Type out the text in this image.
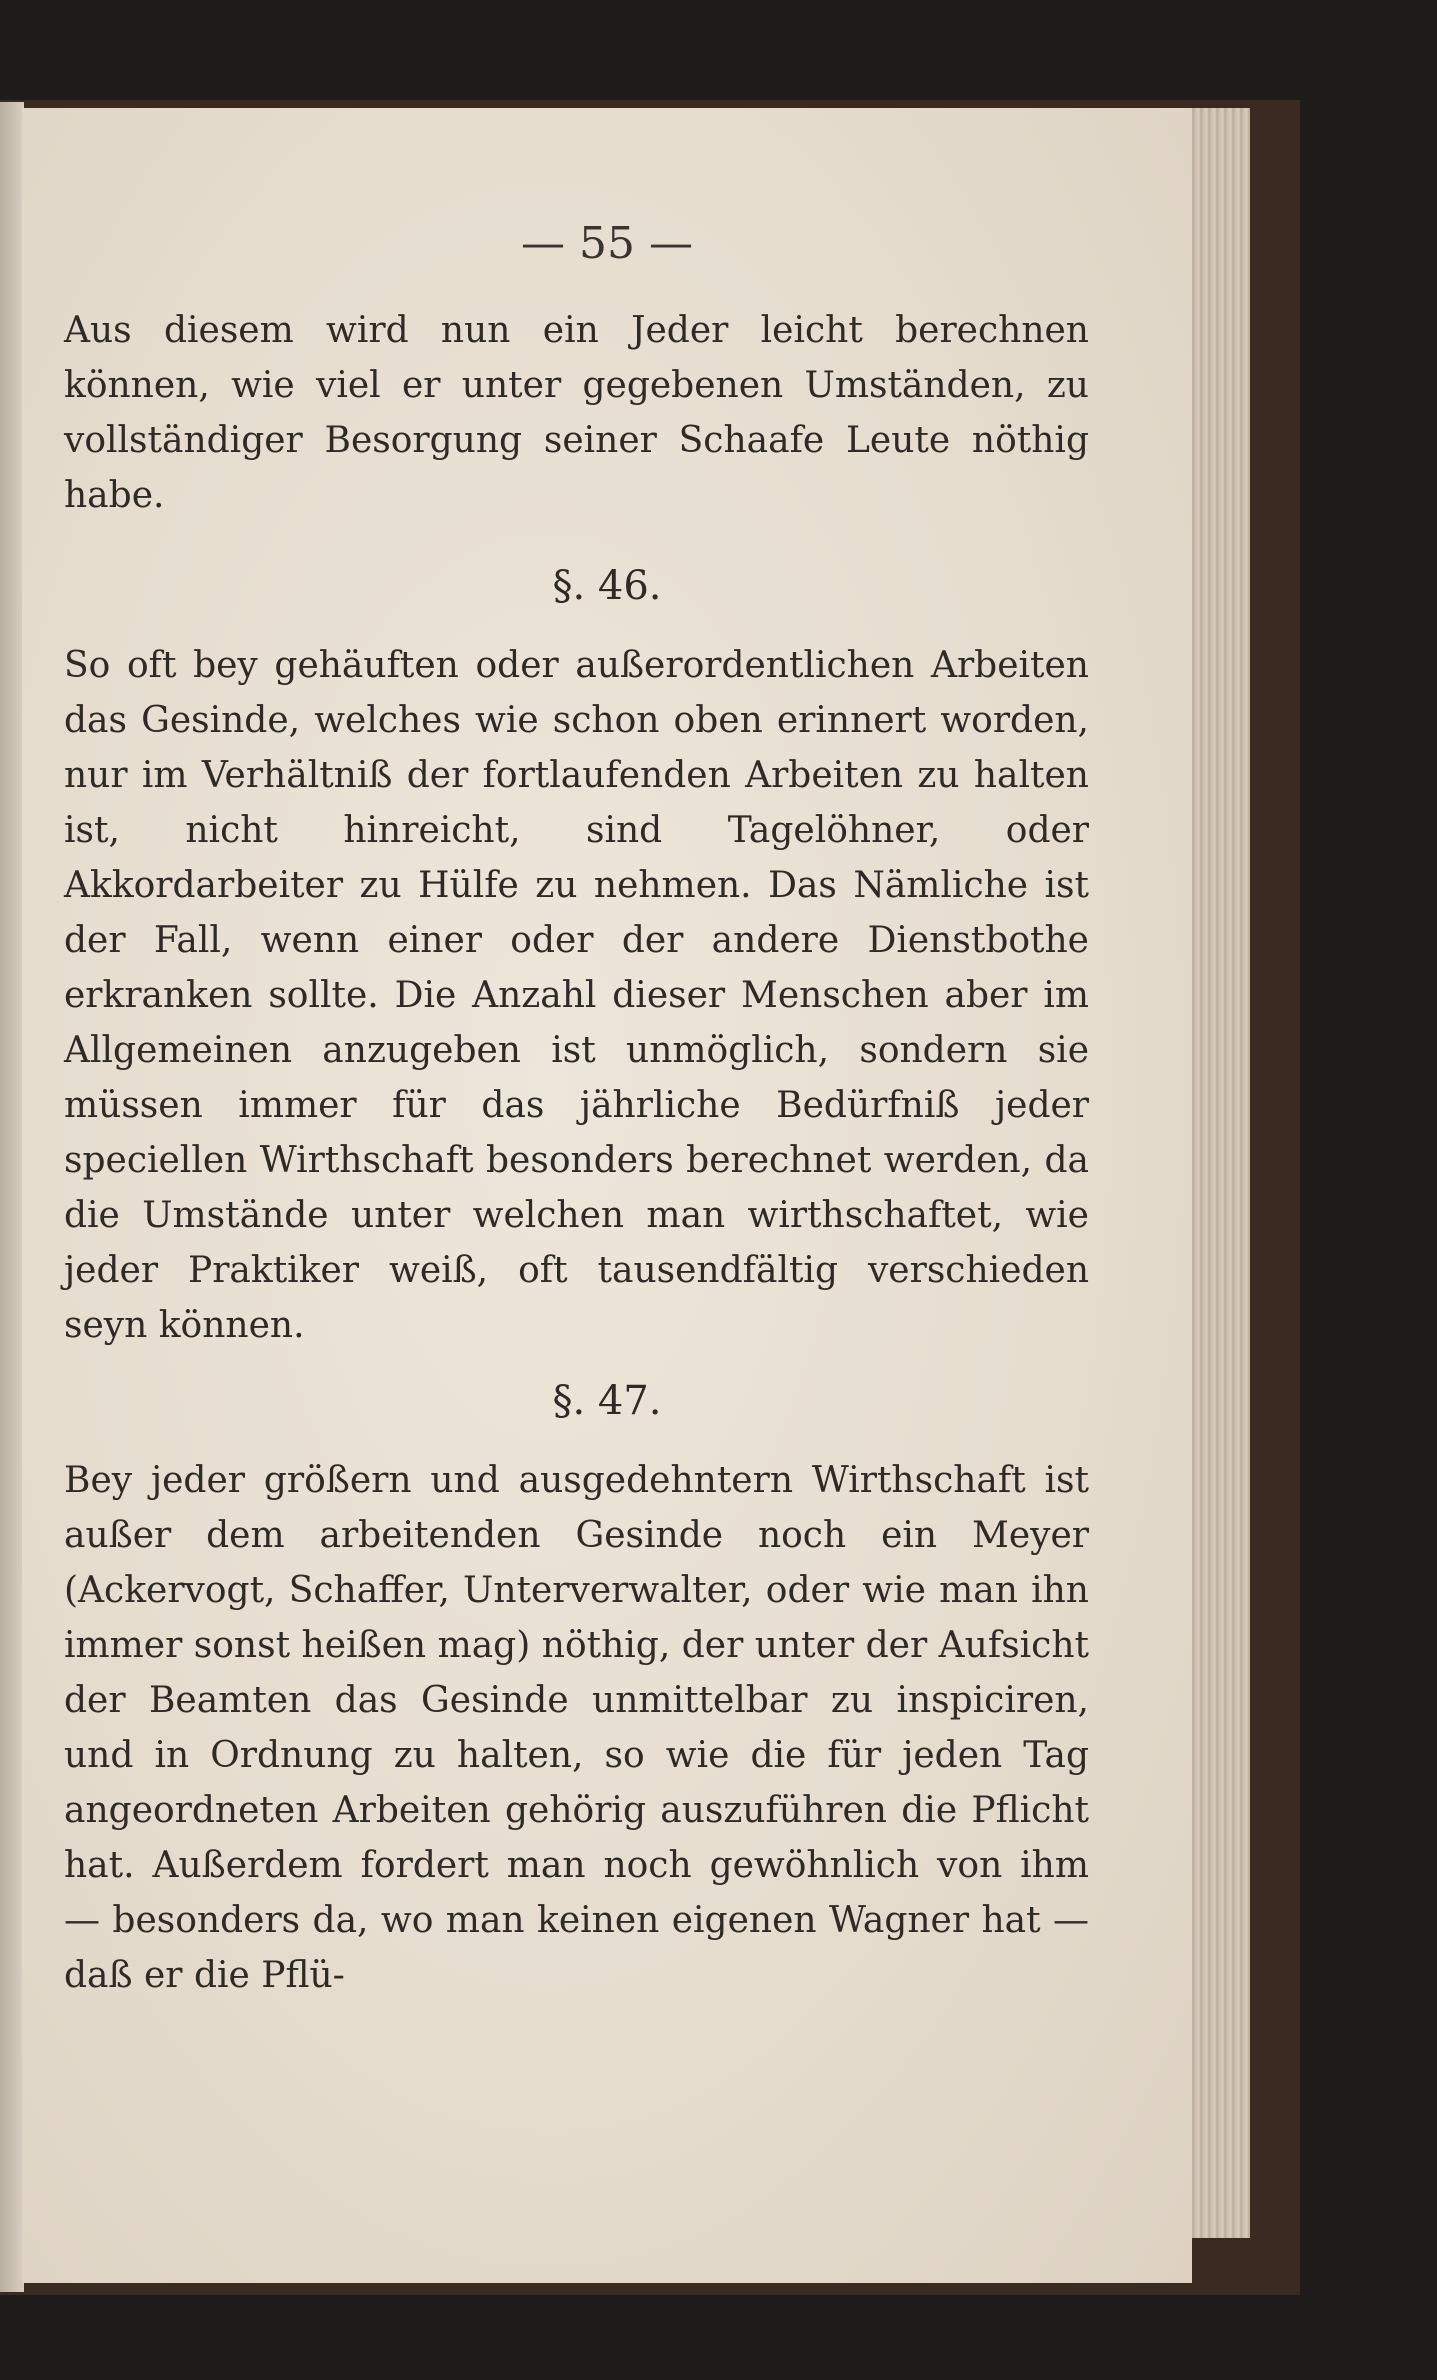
— 55 —
Aus diesem wird nun ein Jeder leicht berechnen können, wie viel er unter gegebenen Umständen, zu vollständiger Besorgung seiner Schaafe Leute nöthig habe.
§. 46.
So oft bey gehäuften oder außerordentlichen Arbeiten das Gesinde, welches wie schon oben erinnert worden, nur im Verhältniß der fortlaufenden Arbeiten zu halten ist, nicht hinreicht, sind Tagelöhner, oder Akkordarbeiter zu Hülfe zu nehmen. Das Nämliche ist der Fall, wenn einer oder der andere Dienstbothe erkranken sollte. Die Anzahl dieser Menschen aber im Allgemeinen anzugeben ist unmöglich, sondern sie müssen immer für das jährliche Bedürfniß jeder speciellen Wirthschaft besonders berechnet werden, da die Umstände unter welchen man wirthschaftet, wie jeder Praktiker weiß, oft tausendfältig verschieden seyn können.
§. 47.
Bey jeder größern und ausgedehntern Wirthschaft ist außer dem arbeitenden Gesinde noch ein Meyer (Ackervogt, Schaffer, Unterverwalter, oder wie man ihn immer sonst heißen mag) nöthig, der unter der Aufsicht der Beamten das Gesinde unmittelbar zu inspiciren, und in Ordnung zu halten, so wie die für jeden Tag angeordneten Arbeiten gehörig auszuführen die Pflicht hat. Außerdem fordert man noch gewöhnlich von ihm — besonders da, wo man keinen eigenen Wagner hat — daß er die Pflü-
